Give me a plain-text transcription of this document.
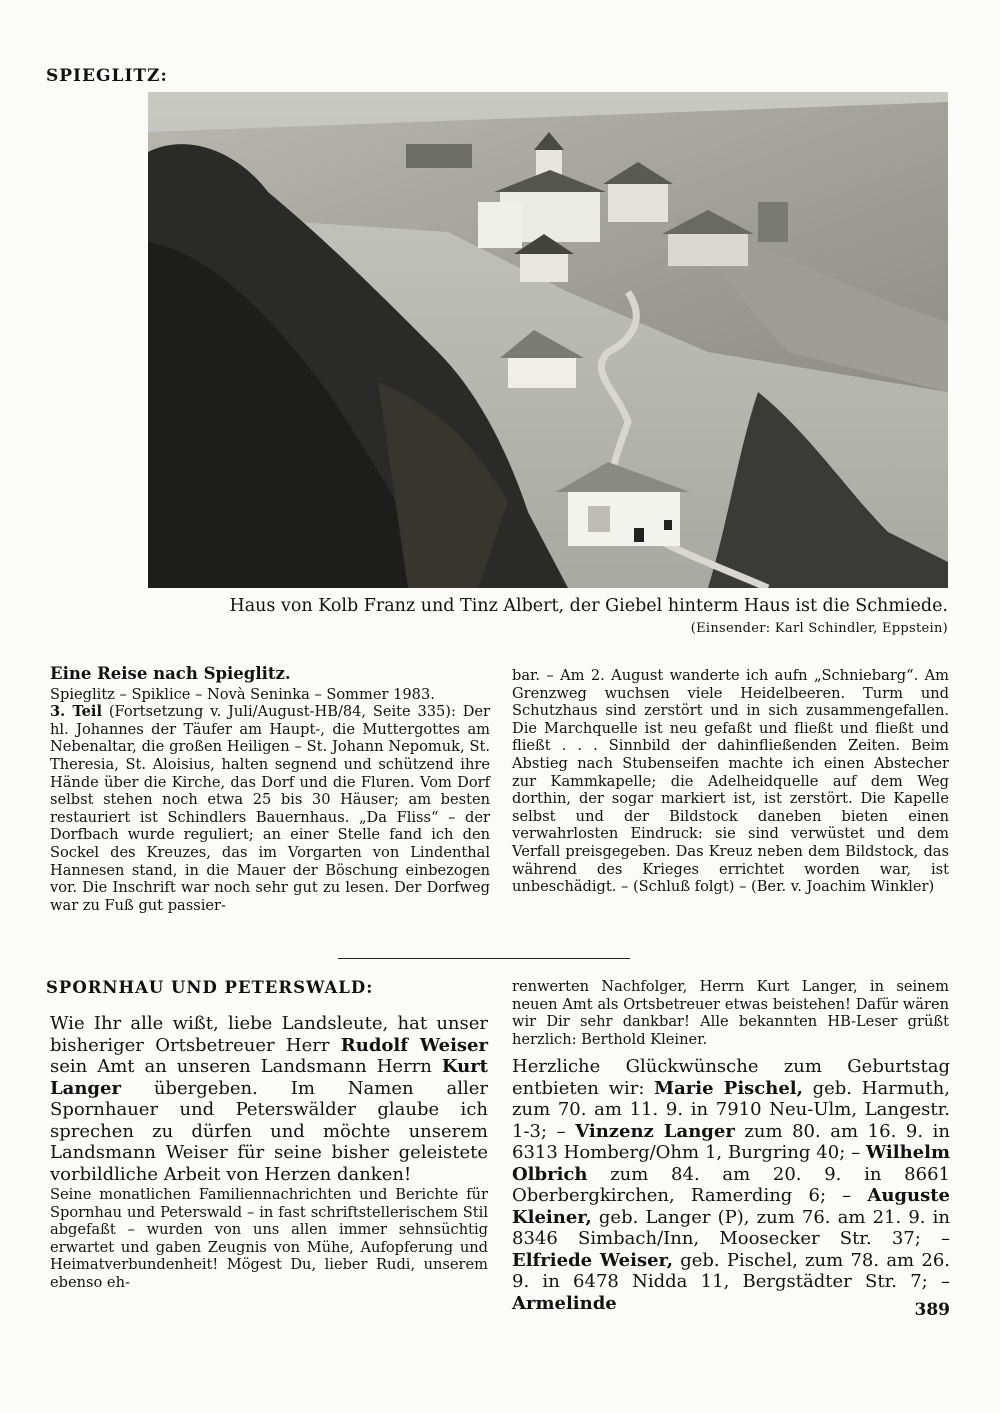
SPIEGLITZ:
Haus von Kolb Franz und Tinz Albert, der Giebel hinterm Haus ist die Schmiede.
(Einsender: Karl Schindler, Eppstein)
Eine Reise nach Spieglitz.

Spieglitz – Spiklice – Novà Seninka – Sommer 1983.
3. Teil (Fortsetzung v. Juli/August-HB/84, Seite 335): Der hl. Johannes der Täufer am Haupt-, die Muttergottes am Nebenaltar, die großen Heiligen – St. Johann Nepomuk, St. Theresia, St. Aloisius, halten segnend und schützend ihre Hände über die Kirche, das Dorf und die Fluren. Vom Dorf selbst stehen noch etwa 25 bis 30 Häuser; am besten restauriert ist Schindlers Bauernhaus. „Da Fliss“ – der Dorfbach wurde reguliert; an einer Stelle fand ich den Sockel des Kreuzes, das im Vorgarten von Lindenthal Hannesen stand, in die Mauer der Böschung einbezogen vor. Die Inschrift war noch sehr gut zu lesen. Der Dorfweg war zu Fuß gut passier-

bar. – Am 2. August wanderte ich aufn „Schniebarg“. Am Grenzweg wuchsen viele Heidelbeeren. Turm und Schutzhaus sind zerstört und in sich zusammengefallen. Die Marchquelle ist neu gefaßt und fließt und fließt und fließt . . . Sinnbild der dahinfließenden Zeiten. Beim Abstieg nach Stubenseifen machte ich einen Abstecher zur Kammkapelle; die Adelheidquelle auf dem Weg dorthin, der sogar markiert ist, ist zerstört. Die Kapelle selbst und der Bildstock daneben bieten einen verwahrlosten Eindruck: sie sind verwüstet und dem Verfall preisgegeben. Das Kreuz neben dem Bildstock, das während des Krieges errichtet worden war, ist unbeschädigt. – (Schluß folgt) – (Ber. v. Joachim Winkler)

SPORNHAU UND PETERSWALD:
Wie Ihr alle wißt, liebe Landsleute, hat unser bisheriger Ortsbetreuer Herr Rudolf Weiser sein Amt an unseren Landsmann Herrn Kurt Langer übergeben. Im Namen aller Spornhauer und Peterswälder glaube ich sprechen zu dürfen und möchte unserem Landsmann Weiser für seine bisher geleistete vorbildliche Arbeit von Herzen danken!
Seine monatlichen Familiennachrichten und Berichte für Spornhau und Peterswald – in fast schriftstellerischem Stil abgefaßt – wurden von uns allen immer sehnsüchtig erwartet und gaben Zeugnis von Mühe, Aufopferung und Heimatverbundenheit! Mögest Du, lieber Rudi, unserem ebenso eh-
renwerten Nachfolger, Herrn Kurt Langer, in seinem neuen Amt als Ortsbetreuer etwas beistehen! Dafür wären wir Dir sehr dankbar! Alle bekannten HB-Leser grüßt herzlich: Berthold Kleiner.
Herzliche Glückwünsche zum Geburtstag entbieten wir: Marie Pischel, geb. Harmuth, zum 70. am 11. 9. in 7910 Neu-Ulm, Langestr. 1-3; – Vinzenz Langer zum 80. am 16. 9. in 6313 Homberg/Ohm 1, Burgring 40; – Wilhelm Olbrich zum 84. am 20. 9. in 8661 Oberbergkirchen, Ramerding 6; – Auguste Kleiner, geb. Langer (P), zum 76. am 21. 9. in 8346 Simbach/Inn, Moosecker Str. 37; – Elfriede Weiser, geb. Pischel, zum 78. am 26. 9. in 6478 Nidda 11, Bergstädter Str. 7; – Armelinde	389
